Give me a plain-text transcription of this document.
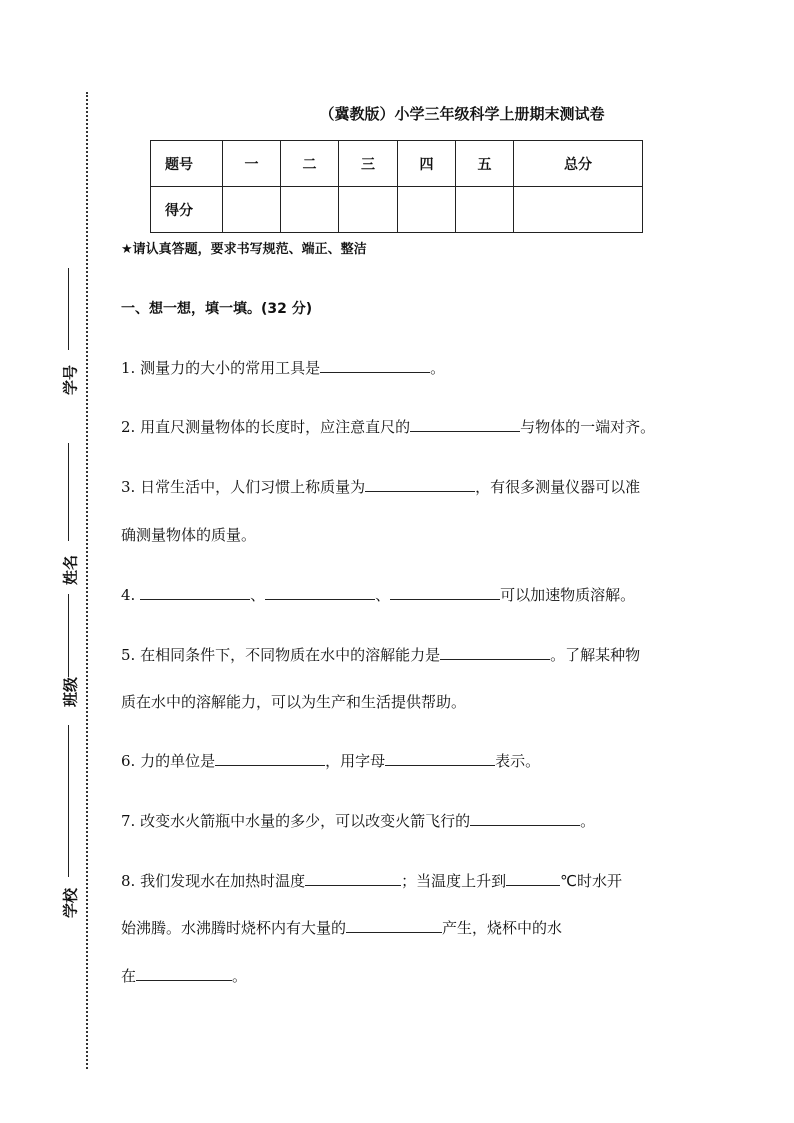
学号
姓名
班级
学校
（冀教版）小学三年级科学上册期末测试卷
题号	一	二	三	四	五	总分
得分						
★请认真答题，要求书写规范、端正、整洁
一、想一想，填一填。(32 分)
1. 测量力的大小的常用工具是	。
2. 用直尺测量物体的长度时，应注意直尺的	与物体的一端对齐。
3. 日常生活中，人们习惯上称质量为	，有很多测量仪器可以准
确测量物体的质量。
4.	、	、	可以加速物质溶解。
5. 在相同条件下，不同物质在水中的溶解能力是	。了解某种物
质在水中的溶解能力，可以为生产和生活提供帮助。
6. 力的单位是	，用字母	表示。
7. 改变水火箭瓶中水量的多少，可以改变火箭飞行的	。
8. 我们发现水在加热时温度	；当温度上升到	℃时水开
始沸腾。水沸腾时烧杯内有大量的	产生，烧杯中的水
在	。
